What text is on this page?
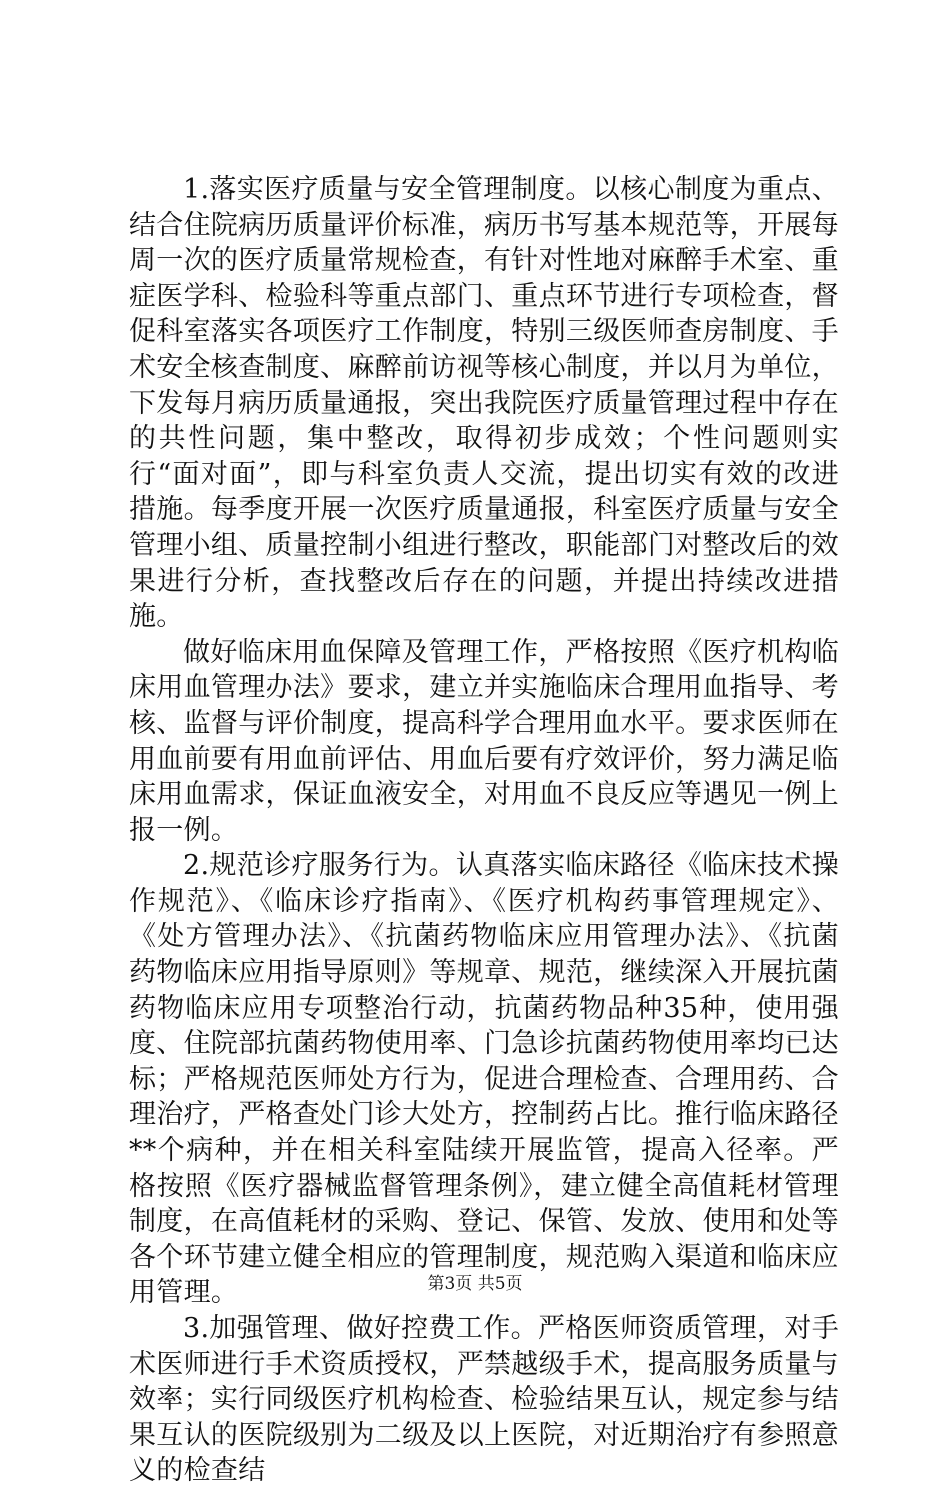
1.落实医疗质量与安全管理制度。以核心制度为重点、结合住院病历质量评价标准，病历书写基本规范等，开展每周一次的医疗质量常规检查，有针对性地对麻醉手术室、重症医学科、检验科等重点部门、重点环节进行专项检查，督促科室落实各项医疗工作制度，特别三级医师查房制度、手术安全核查制度、麻醉前访视等核心制度，并以月为单位，下发每月病历质量通报，突出我院医疗质量管理过程中存在的共性问题，集中整改，取得初步成效；个性问题则实行“面对面”，即与科室负责人交流，提出切实有效的改进措施。每季度开展一次医疗质量通报，科室医疗质量与安全管理小组、质量控制小组进行整改，职能部门对整改后的效果进行分析，查找整改后存在的问题，并提出持续改进措施。

做好临床用血保障及管理工作，严格按照《医疗机构临床用血管理办法》要求，建立并实施临床合理用血指导、考核、监督与评价制度，提高科学合理用血水平。要求医师在用血前要有用血前评估、用血后要有疗效评价，努力满足临床用血需求，保证血液安全，对用血不良反应等遇见一例上报一例。

2.规范诊疗服务行为。认真落实临床路径《临床技术操作规范》、《临床诊疗指南》、《医疗机构药事管理规定》、《处方管理办法》、《抗菌药物临床应用管理办法》、《抗菌药物临床应用指导原则》等规章、规范，继续深入开展抗菌药物临床应用专项整治行动，抗菌药物品种35种，使用强度、住院部抗菌药物使用率、门急诊抗菌药物使用率均已达标；严格规范医师处方行为，促进合理检查、合理用药、合理治疗，严格查处门诊大处方，控制药占比。推行临床路径**个病种，并在相关科室陆续开展监管，提高入径率。严格按照《医疗器械监督管理条例》，建立健全高值耗材管理制度，在高值耗材的采购、登记、保管、发放、使用和处等各个环节建立健全相应的管理制度，规范购入渠道和临床应用管理。

3.加强管理、做好控费工作。严格医师资质管理，对手术医师进行手术资质授权，严禁越级手术，提高服务质量与效率；实行同级医疗机构检查、检验结果互认，规定参与结果互认的医院级别为二级及以上医院，对近期治疗有参照意义的检查结

第3页 共5页
